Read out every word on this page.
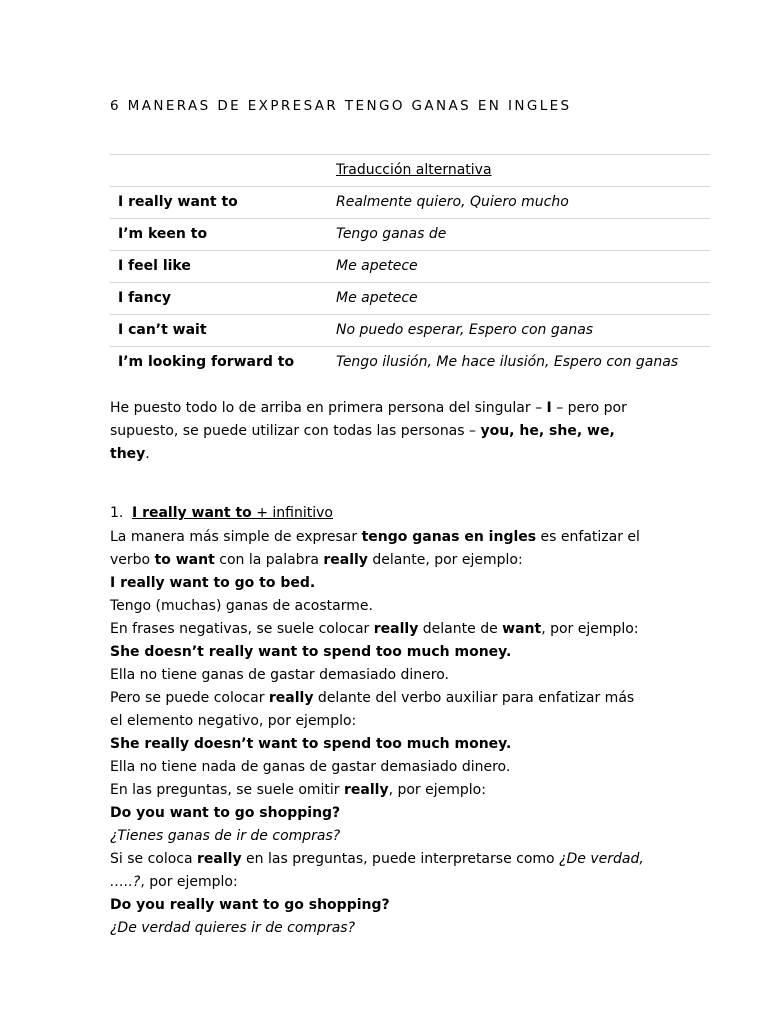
6 MANERAS DE EXPRESAR TENGO GANAS EN INGLES
	Traducción alternativa
I really want to	Realmente quiero, Quiero mucho
I’m keen to	Tengo ganas de
I feel like	Me apetece
I fancy	Me apetece
I can’t wait	No puedo esperar, Espero con ganas
I’m looking forward to	Tengo ilusión, Me hace ilusión, Espero con ganas
He puesto todo lo de arriba en primera persona del singular – I – pero por
supuesto, se puede utilizar con todas las personas – you, he, she, we,
they.
1. I really want to + infinitivo
La manera más simple de expresar tengo ganas en ingles es enfatizar el
verbo to want con la palabra really delante, por ejemplo:
I really want to go to bed.
Tengo (muchas) ganas de acostarme.
En frases negativas, se suele colocar really delante de want, por ejemplo:
She doesn’t really want to spend too much money.
Ella no tiene ganas de gastar demasiado dinero.
Pero se puede colocar really delante del verbo auxiliar para enfatizar más
el elemento negativo, por ejemplo:
She really doesn’t want to spend too much money.
Ella no tiene nada de ganas de gastar demasiado dinero.
En las preguntas, se suele omitir really, por ejemplo:
Do you want to go shopping?
¿Tienes ganas de ir de compras?
Si se coloca really en las preguntas, puede interpretarse como ¿De verdad,
…..?, por ejemplo:
Do you really want to go shopping?
¿De verdad quieres ir de compras?
